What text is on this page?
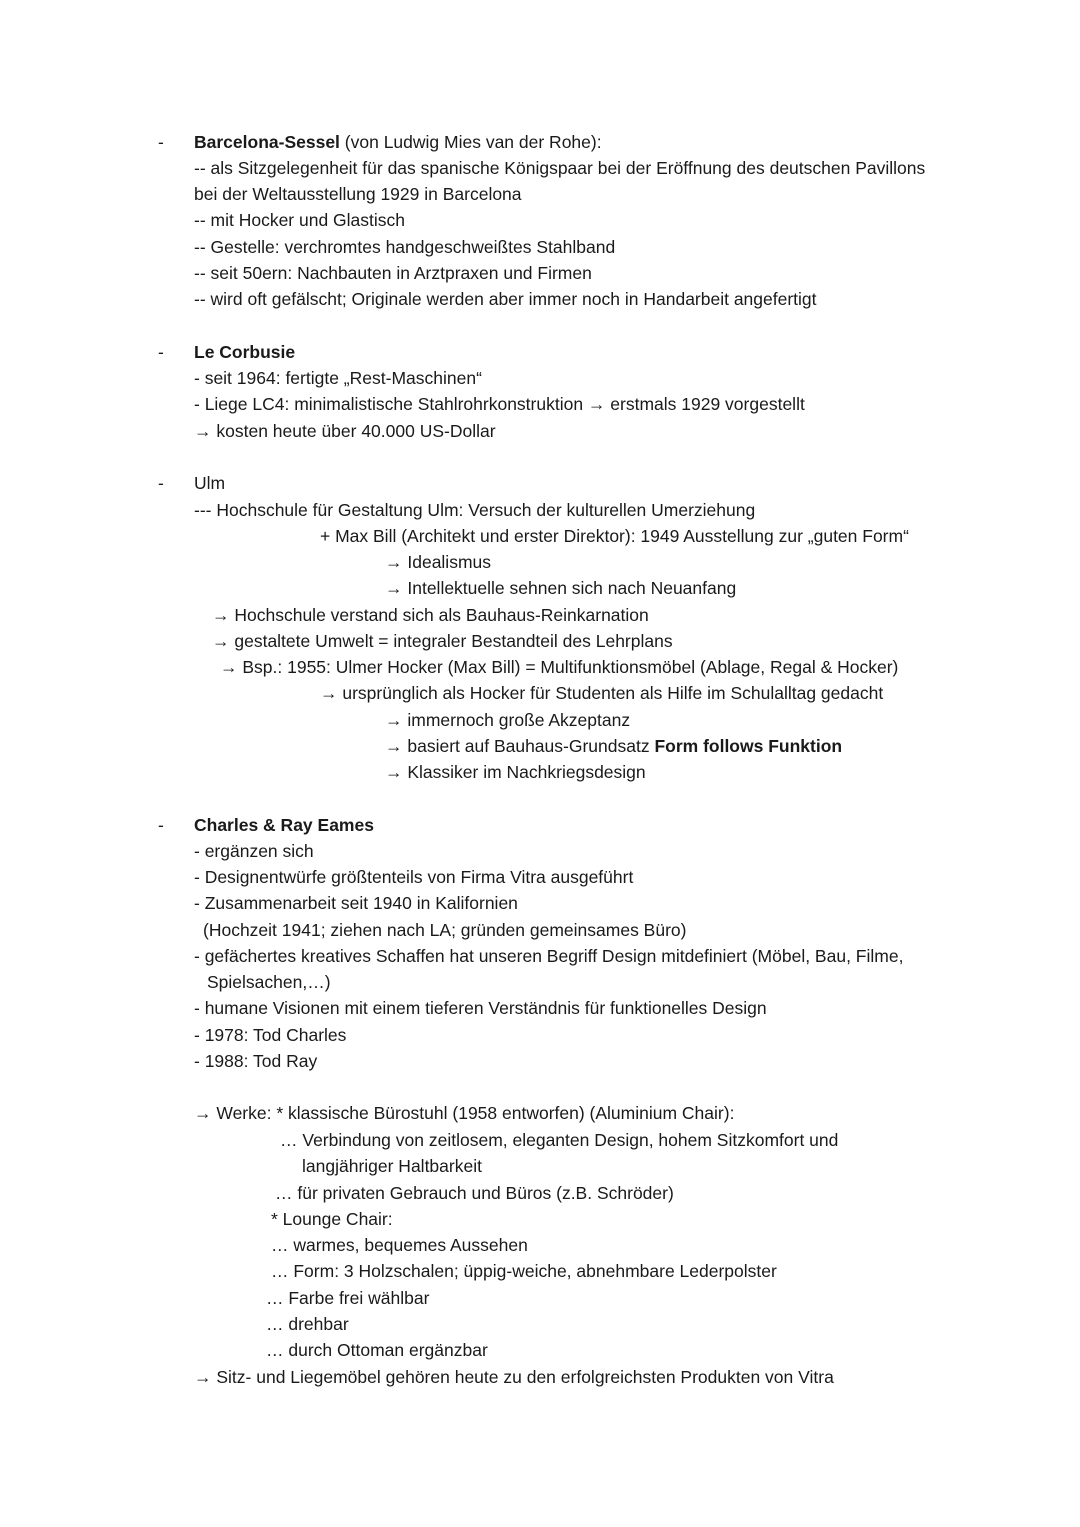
- Barcelona-Sessel (von Ludwig Mies van der Rohe):
-- als Sitzgelegenheit für das spanische Königspaar bei der Eröffnung des deutschen Pavillons
bei der Weltausstellung 1929 in Barcelona
-- mit Hocker und Glastisch
-- Gestelle: verchromtes handgeschweißtes Stahlband
-- seit 50ern: Nachbauten in Arztpraxen und Firmen
-- wird oft gefälscht; Originale werden aber immer noch in Handarbeit angefertigt
- Le Corbusie
- seit 1964: fertigte „Rest-Maschinen“
- Liege LC4: minimalistische Stahlrohrkonstruktion → erstmals 1929 vorgestellt
→ kosten heute über 40.000 US-Dollar
- Ulm
--- Hochschule für Gestaltung Ulm: Versuch der kulturellen Umerziehung
+ Max Bill (Architekt und erster Direktor): 1949 Ausstellung zur „guten Form“
→ Idealismus
→ Intellektuelle sehnen sich nach Neuanfang
→ Hochschule verstand sich als Bauhaus-Reinkarnation
→ gestaltete Umwelt = integraler Bestandteil des Lehrplans
→ Bsp.: 1955: Ulmer Hocker (Max Bill) = Multifunktionsmöbel (Ablage, Regal & Hocker)
→ ursprünglich als Hocker für Studenten als Hilfe im Schulalltag gedacht
→ immernoch große Akzeptanz
→ basiert auf Bauhaus-Grundsatz Form follows Funktion
→ Klassiker im Nachkriegsdesign
- Charles & Ray Eames
- ergänzen sich
- Designentwürfe größtenteils von Firma Vitra ausgeführt
- Zusammenarbeit seit 1940 in Kalifornien
(Hochzeit 1941; ziehen nach LA; gründen gemeinsames Büro)
- gefächertes kreatives Schaffen hat unseren Begriff Design mitdefiniert (Möbel, Bau, Filme,
Spielsachen,…)
- humane Visionen mit einem tieferen Verständnis für funktionelles Design
- 1978: Tod Charles
- 1988: Tod Ray
→ Werke: * klassische Bürostuhl (1958 entworfen) (Aluminium Chair):
… Verbindung von zeitlosem, eleganten Design, hohem Sitzkomfort und
langjähriger Haltbarkeit
… für privaten Gebrauch und Büros (z.B. Schröder)
* Lounge Chair:
… warmes, bequemes Aussehen
… Form: 3 Holzschalen; üppig-weiche, abnehmbare Lederpolster
… Farbe frei wählbar
… drehbar
… durch Ottoman ergänzbar
→ Sitz- und Liegemöbel gehören heute zu den erfolgreichsten Produkten von Vitra
